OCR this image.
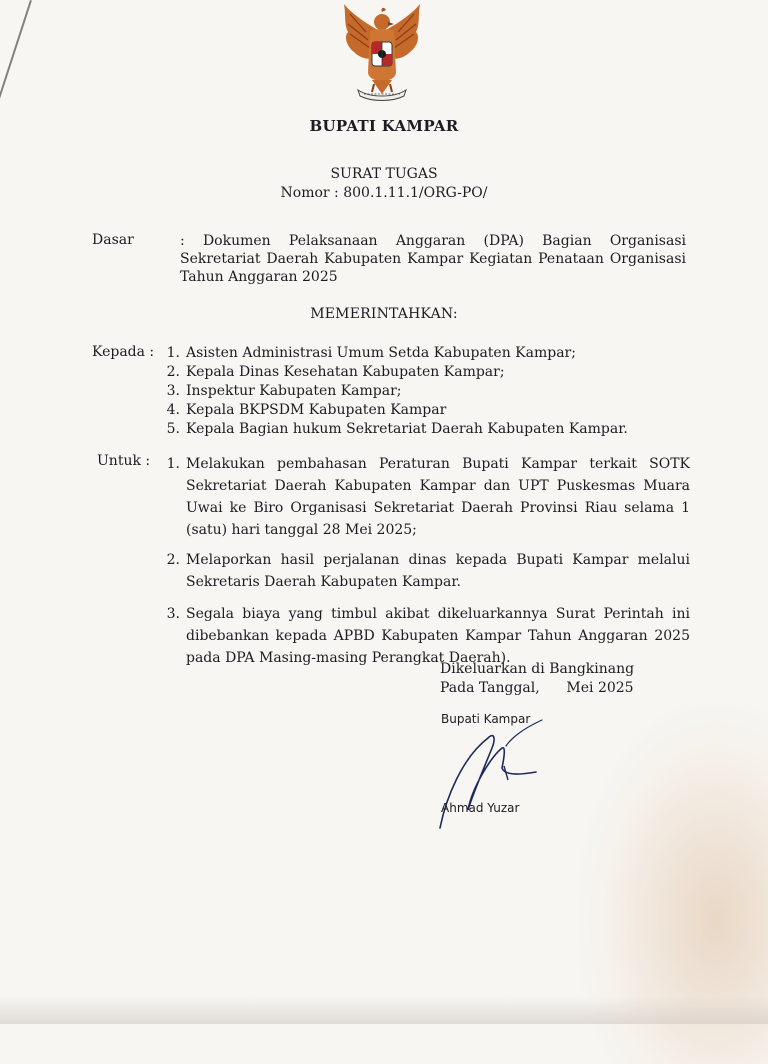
BUPATI KAMPAR
SURAT TUGAS
Nomor : 800.1.11.1/ORG-PO/
Dasar	: Dokumen Pelaksanaan Anggaran (DPA) Bagian Organisasi Sekretariat Daerah Kabupaten Kampar Kegiatan Penataan Organisasi Tahun Anggaran 2025
MEMERINTAHKAN:
Kepada : 1. Asisten Administrasi Umum Setda Kabupaten Kampar;
2. Kepala Dinas Kesehatan Kabupaten Kampar;
3. Inspektur Kabupaten Kampar;
4. Kepala BKPSDM Kabupaten Kampar
5. Kepala Bagian hukum Sekretariat Daerah Kabupaten Kampar.
Untuk :	1. Melakukan pembahasan Peraturan Bupati Kampar terkait SOTK Sekretariat Daerah Kabupaten Kampar dan UPT Puskesmas Muara Uwai ke Biro Organisasi Sekretariat Daerah Provinsi Riau selama 1 (satu) hari tanggal 28 Mei 2025;
2. Melaporkan hasil perjalanan dinas kepada Bupati Kampar melalui Sekretaris Daerah Kabupaten Kampar.
3. Segala biaya yang timbul akibat dikeluarkannya Surat Perintah ini dibebankan kepada APBD Kabupaten Kampar Tahun Anggaran 2025 pada DPA Masing-masing Perangkat Daerah).
Dikeluarkan di Bangkinang
Pada Tanggal,      Mei 2025
Bupati Kampar
Ahmad Yuzar
